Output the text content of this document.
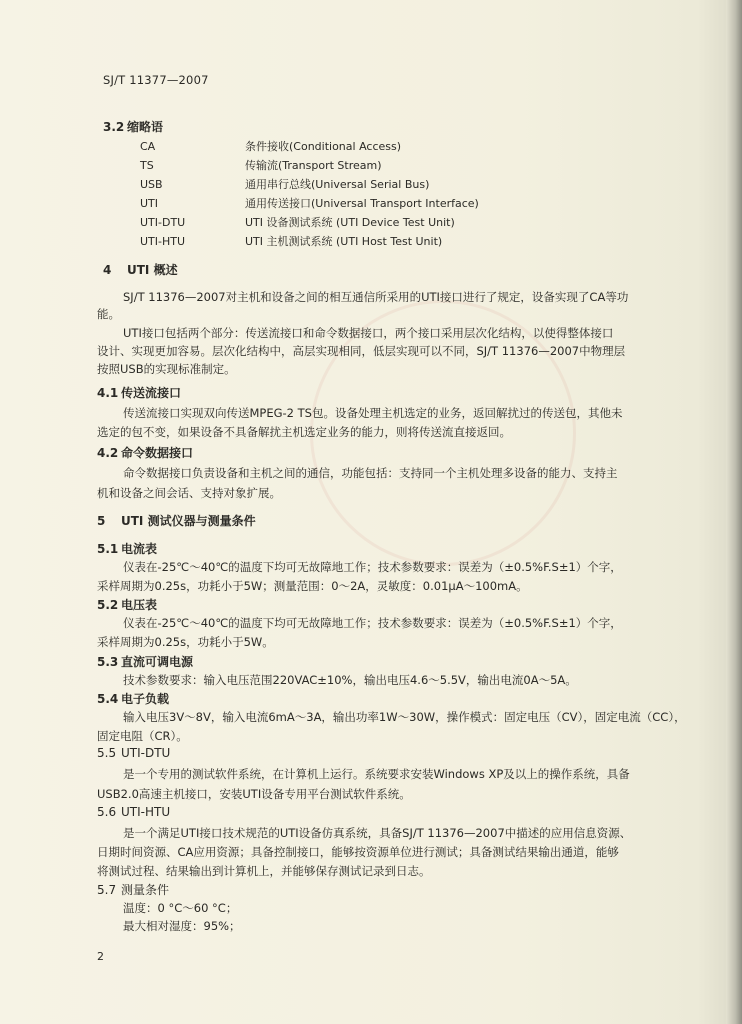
SJ/T 11377—2007
3.2 缩略语
CA	条件接收(Conditional Access)
TS	传输流(Transport Stream)
USB	通用串行总线(Universal Serial Bus)
UTI	通用传送接口(Universal Transport Interface)
UTI-DTU	UTI 设备测试系统 (UTI Device Test Unit)
UTI-HTU	UTI 主机测试系统 (UTI Host Test Unit)
4 UTI 概述
SJ/T 11376—2007对主机和设备之间的相互通信所采用的UTI接口进行了规定，设备实现了CA等功
能。
UTI接口包括两个部分：传送流接口和命令数据接口，两个接口采用层次化结构，以使得整体接口
设计、实现更加容易。层次化结构中，高层实现相同，低层实现可以不同，SJ/T 11376—2007中物理层
按照USB的实现标准制定。
4.1 传送流接口
传送流接口实现双向传送MPEG-2 TS包。设备处理主机选定的业务，返回解扰过的传送包，其他未
选定的包不变，如果设备不具备解扰主机选定业务的能力，则将传送流直接返回。
4.2 命令数据接口
命令数据接口负责设备和主机之间的通信，功能包括：支持同一个主机处理多设备的能力、支持主
机和设备之间会话、支持对象扩展。
5 UTI 测试仪器与测量条件
5.1 电流表
仪表在-25℃～40℃的温度下均可无故障地工作；技术参数要求：误差为（±0.5%F.S±1）个字，
采样周期为0.25s，功耗小于5W；测量范围：0～2A，灵敏度：0.01μA～100mA。
5.2 电压表
仪表在-25℃～40℃的温度下均可无故障地工作；技术参数要求：误差为（±0.5%F.S±1）个字，
采样周期为0.25s，功耗小于5W。
5.3 直流可调电源
技术参数要求：输入电压范围220VAC±10%，输出电压4.6～5.5V，输出电流0A～5A。
5.4 电子负载
输入电压3V～8V，输入电流6mA～3A，输出功率1W～30W，操作模式：固定电压（CV），固定电流（CC），
固定电阻（CR）。
5.5 UTI-DTU
是一个专用的测试软件系统，在计算机上运行。系统要求安装Windows XP及以上的操作系统，具备
USB2.0高速主机接口，安装UTI设备专用平台测试软件系统。
5.6 UTI-HTU
是一个满足UTI接口技术规范的UTI设备仿真系统，具备SJ/T 11376—2007中描述的应用信息资源、
日期时间资源、CA应用资源；具备控制接口，能够按资源单位进行测试；具备测试结果输出通道，能够
将测试过程、结果输出到计算机上，并能够保存测试记录到日志。
5.7 测量条件
温度：0 °C～60 °C；
最大相对湿度：95%；
2
